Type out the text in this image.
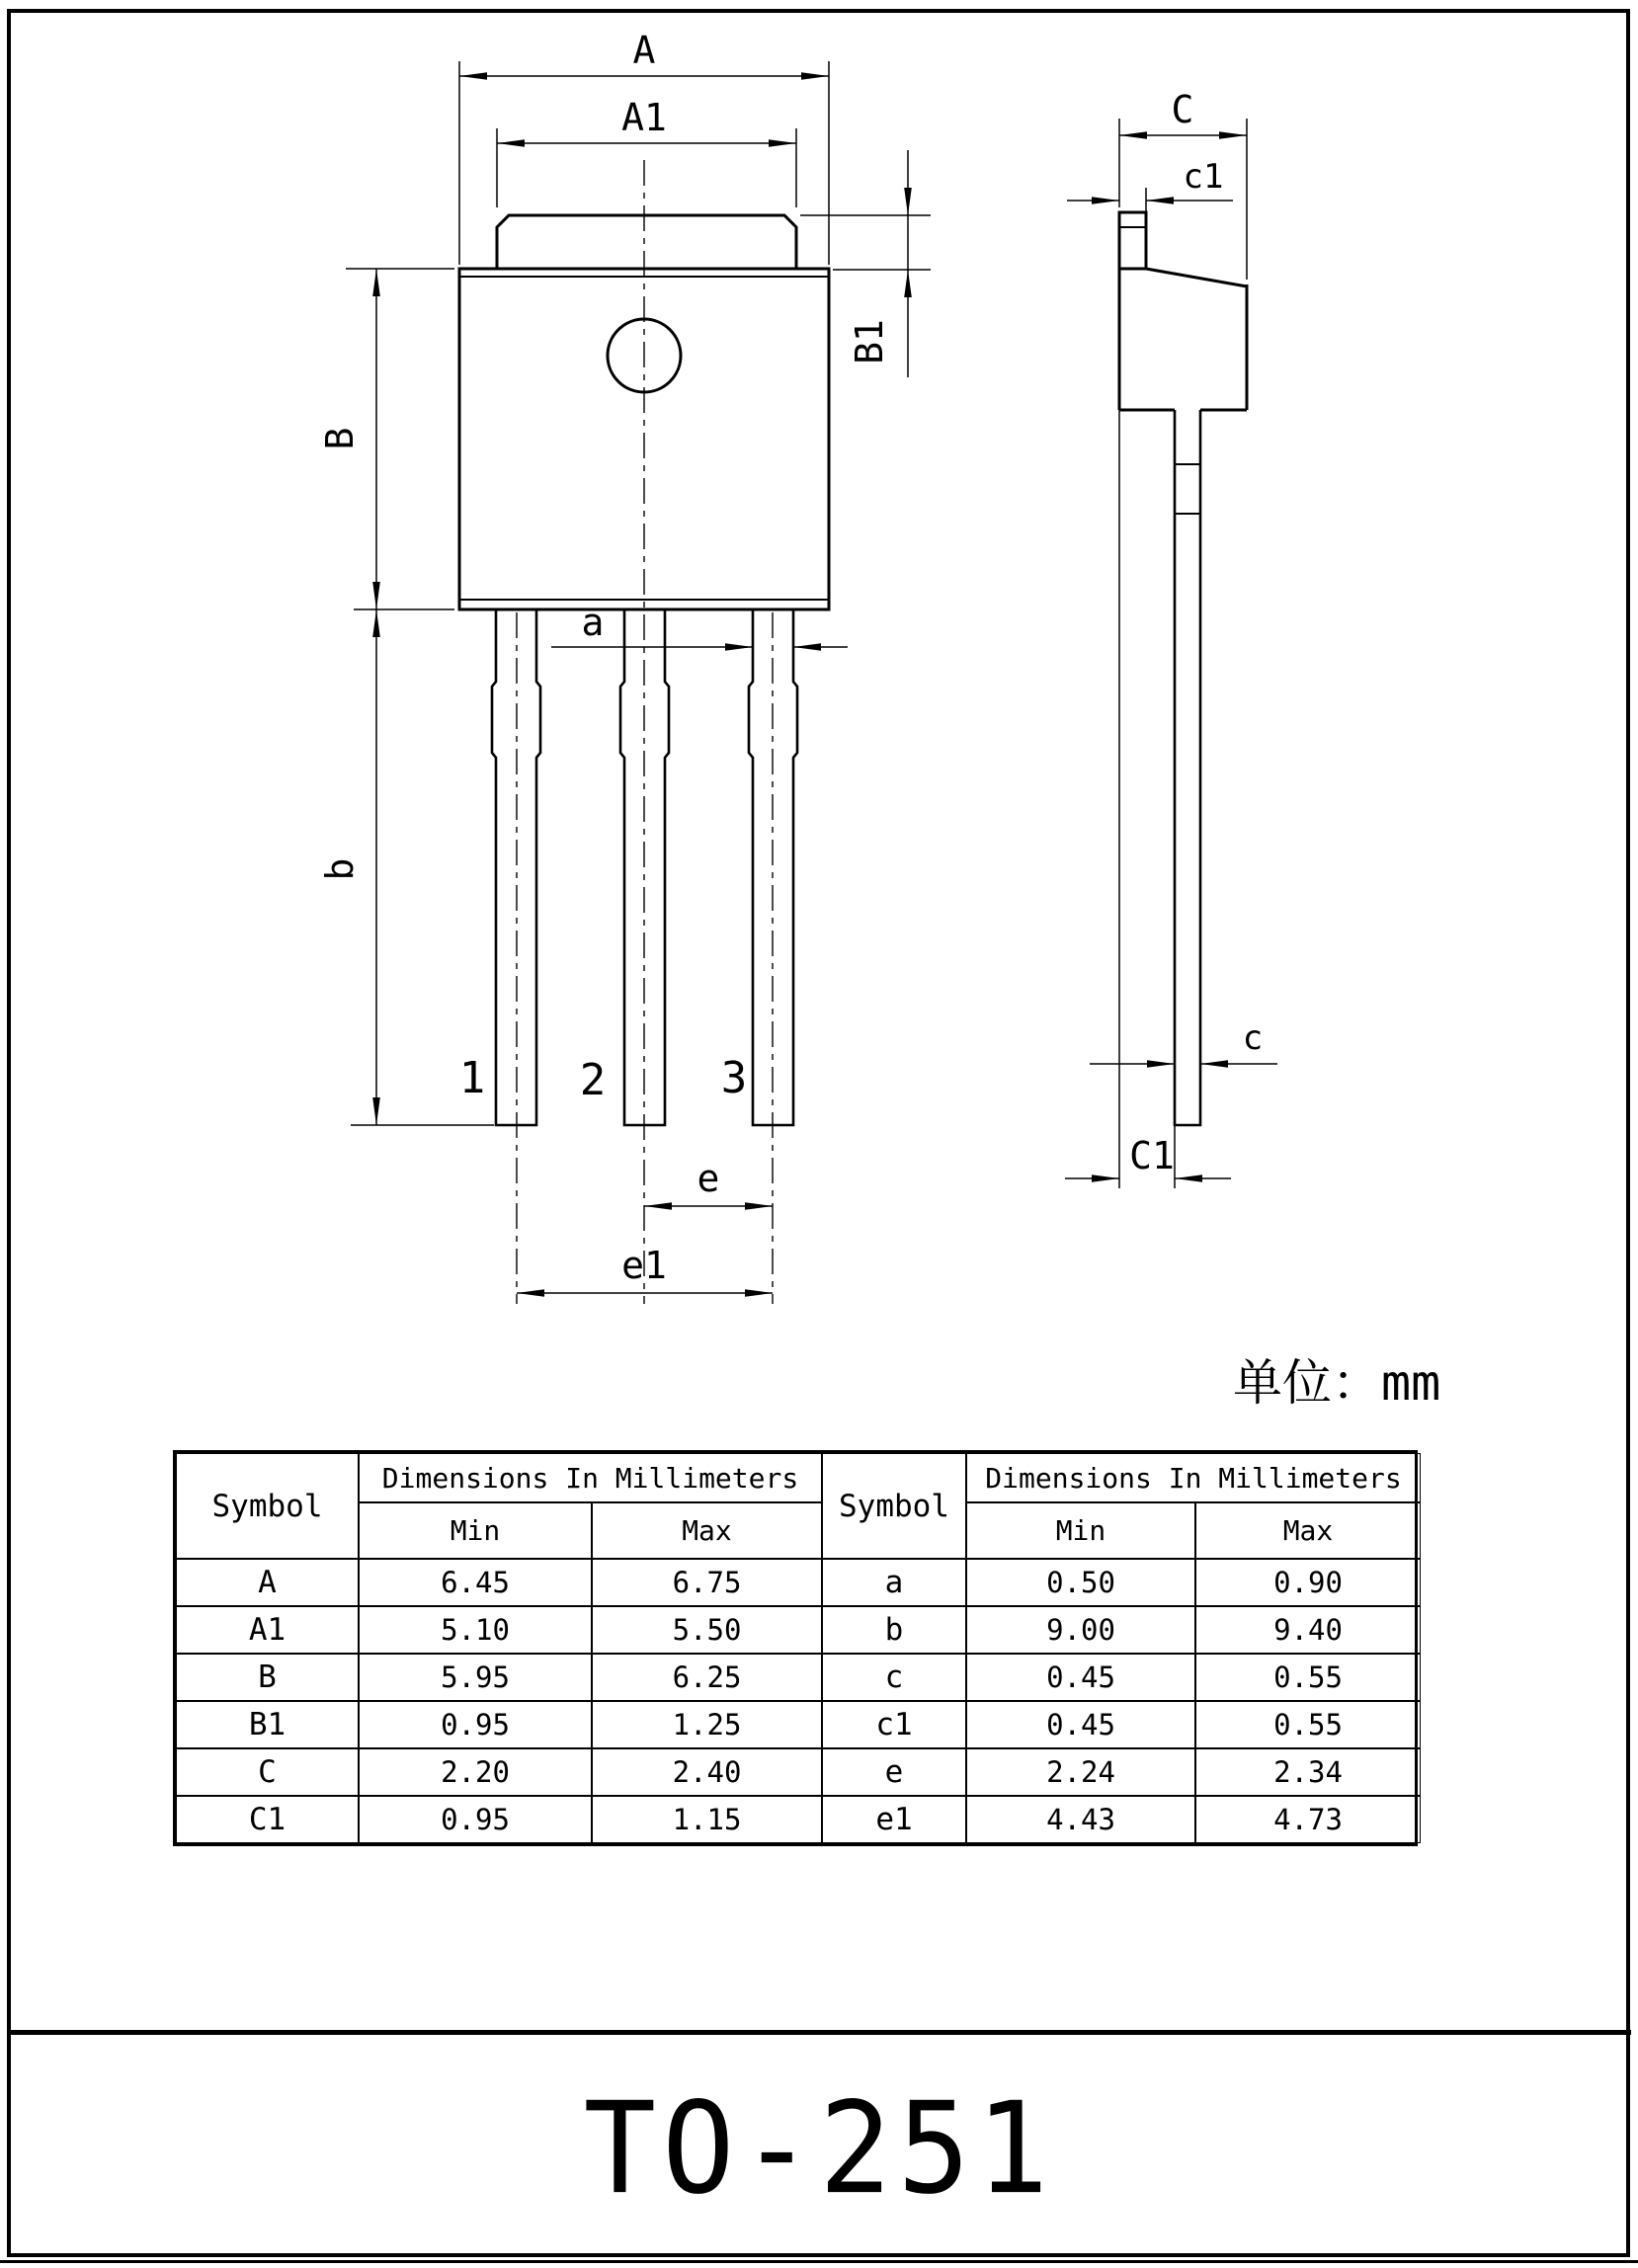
A
A1
B1
B
b
a
e
e1
1 2	3
C
c1
c
C1
单位：mm
Symbol
Dimensions In Millimeters
Symbol
Dimensions In Millimeters
Min	Max	Min	Max
A	6.45	6.75	a	0.50	0.90
A1	5.10	5.50	b	9.00	9.40
B	5.95	6.25	c	0.45	0.55
B1	0.95	1.25	c1	0.45	0.55
C	2.20	2.40	e	2.24	2.34
C1	0.95	1.15	e1	4.43	4.73
TO-251
